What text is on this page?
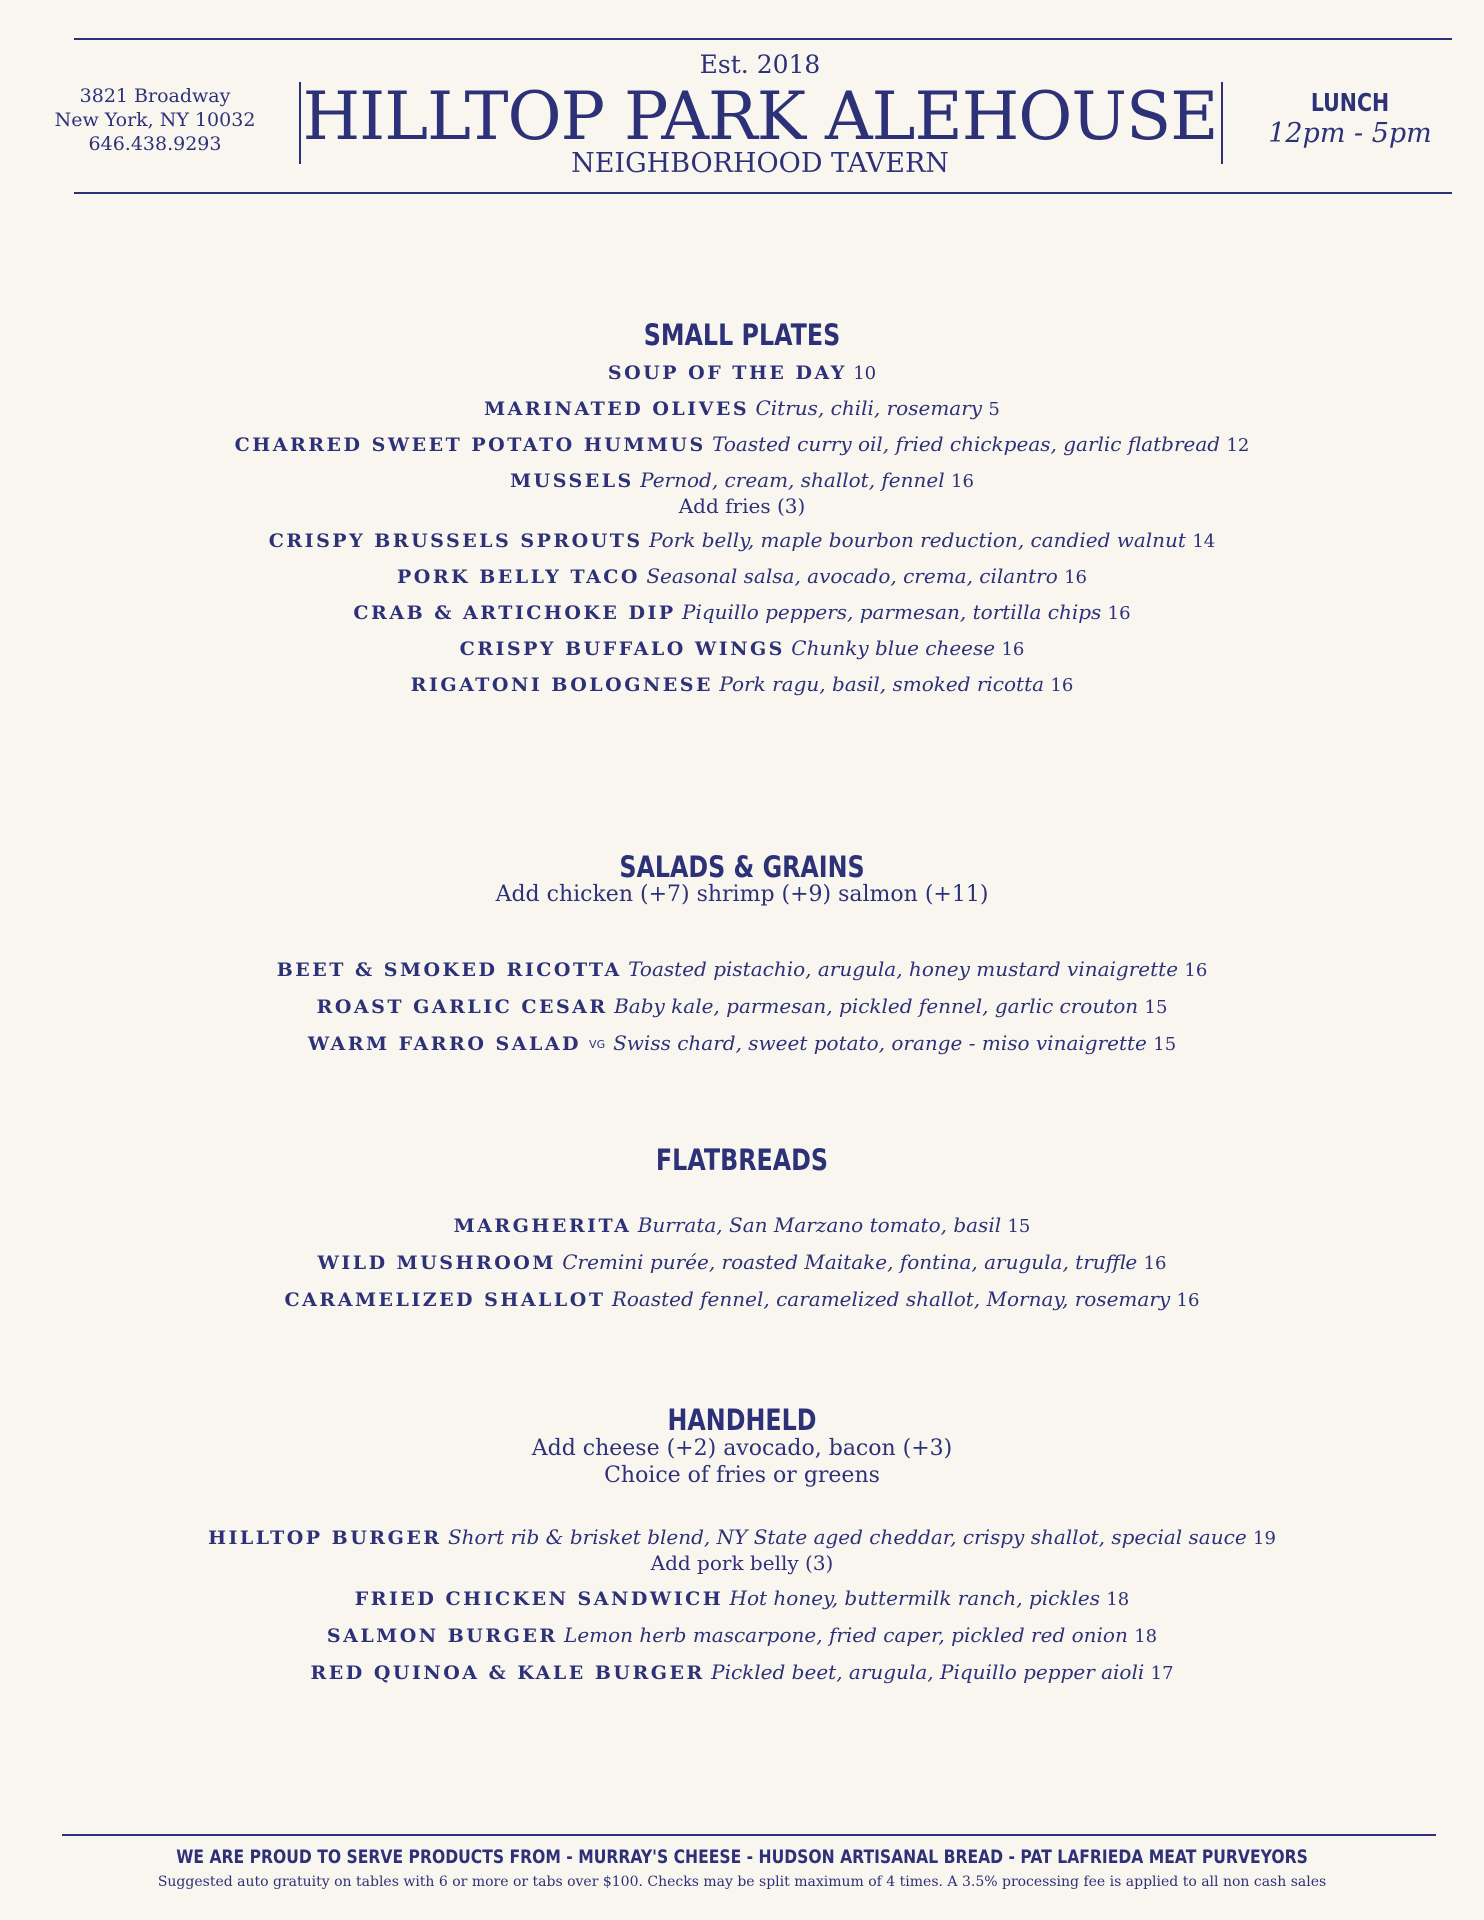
3821 Broadway
New York, NY 10032
646.438.9293
Est. 2018
HILLTOP PARK ALEHOUSE
NEIGHBORHOOD TAVERN
LUNCH
12pm - 5pm
SMALL PLATES
SOUP OF THE DAY 10
MARINATED OLIVES Citrus, chili, rosemary 5
CHARRED SWEET POTATO HUMMUS Toasted curry oil, fried chickpeas, garlic flatbread 12
MUSSELS Pernod, cream, shallot, fennel 16
Add fries (3)
CRISPY BRUSSELS SPROUTS Pork belly, maple bourbon reduction, candied walnut 14
PORK BELLY TACO Seasonal salsa, avocado, crema, cilantro 16
CRAB & ARTICHOKE DIP Piquillo peppers, parmesan, tortilla chips 16
CRISPY BUFFALO WINGS Chunky blue cheese 16
RIGATONI BOLOGNESE Pork ragu, basil, smoked ricotta 16
SALADS & GRAINS
Add chicken (+7) shrimp (+9) salmon (+11)
BEET & SMOKED RICOTTA Toasted pistachio, arugula, honey mustard vinaigrette 16
ROAST GARLIC CESAR Baby kale, parmesan, pickled fennel, garlic crouton 15
WARM FARRO SALAD VG Swiss chard, sweet potato, orange - miso vinaigrette 15
FLATBREADS
MARGHERITA Burrata, San Marzano tomato, basil 15
WILD MUSHROOM Cremini purée, roasted Maitake, fontina, arugula, truffle 16
CARAMELIZED SHALLOT Roasted fennel, caramelized shallot, Mornay, rosemary 16
HANDHELD
Add cheese (+2) avocado, bacon (+3)
Choice of fries or greens
HILLTOP BURGER Short rib & brisket blend, NY State aged cheddar, crispy shallot, special sauce 19
Add pork belly (3)
FRIED CHICKEN SANDWICH Hot honey, buttermilk ranch, pickles 18
SALMON BURGER Lemon herb mascarpone, fried caper, pickled red onion 18
RED QUINOA & KALE BURGER Pickled beet, arugula, Piquillo pepper aioli 17
WE ARE PROUD TO SERVE PRODUCTS FROM - MURRAY'S CHEESE - HUDSON ARTISANAL BREAD - PAT LAFRIEDA MEAT PURVEYORS
Suggested auto gratuity on tables with 6 or more or tabs over $100. Checks may be split maximum of 4 times. A 3.5% processing fee is applied to all non cash sales
